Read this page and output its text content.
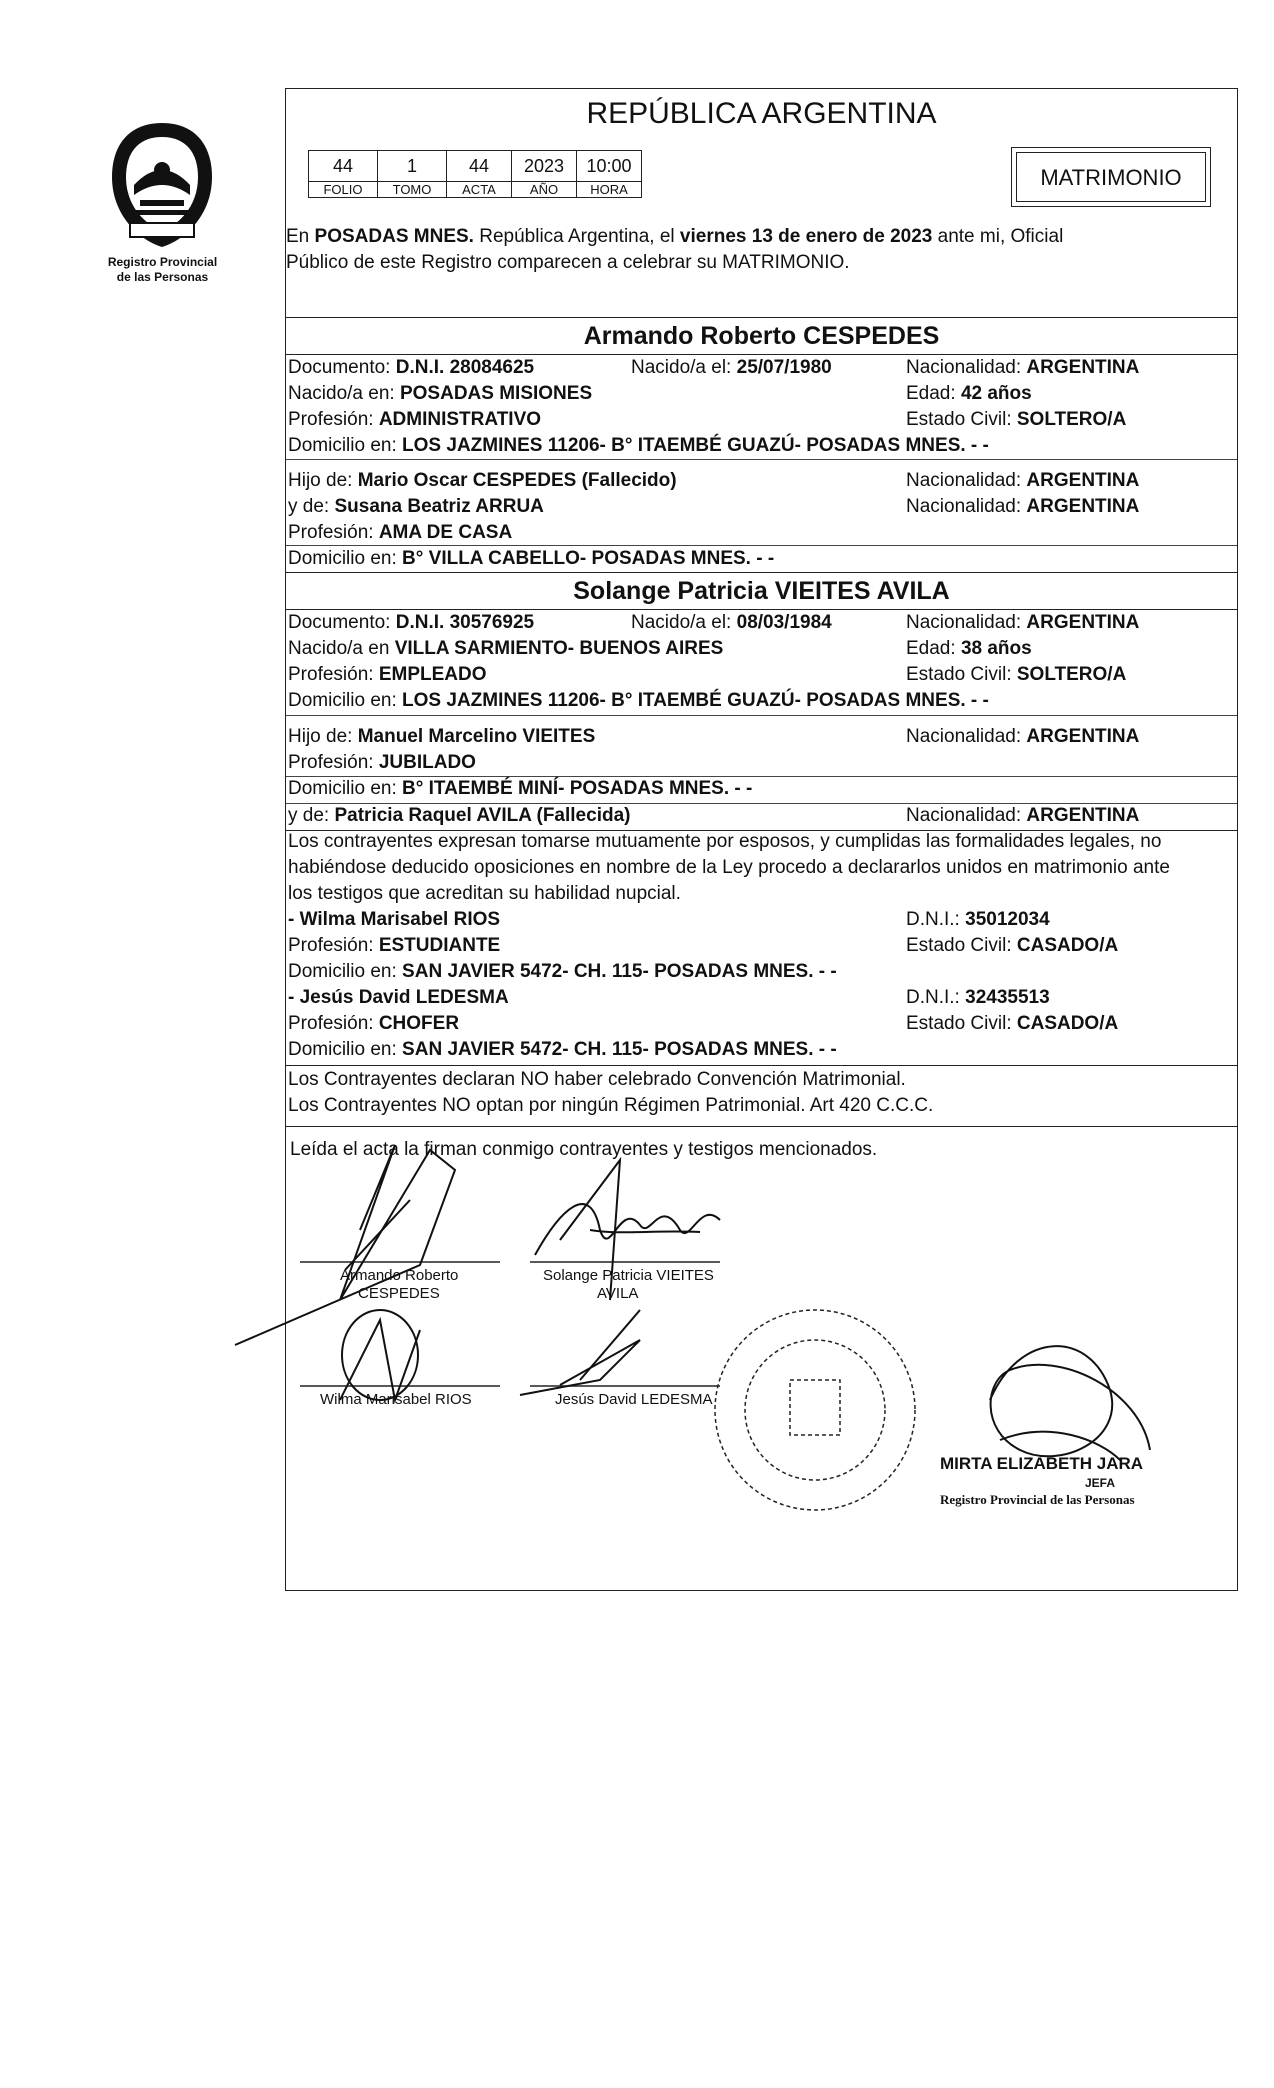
Registro Provincial
de las Personas
REPÚBLICA ARGENTINA
44	1	44	2023	10:00
FOLIO	TOMO	ACTA	AÑO	HORA	MATRIMONIO
En POSADAS MNES. República Argentina, el viernes 13 de enero de 2023 ante mi, Oficial
Público de este Registro comparecen a celebrar su MATRIMONIO.
Armando Roberto CESPEDES
Documento: D.N.I. 28084625	Nacido/a el: 25/07/1980	Nacionalidad: ARGENTINA
Nacido/a en: POSADAS MISIONES	Edad: 42 años
Profesión: ADMINISTRATIVO	Estado Civil: SOLTERO/A
Domicilio en: LOS JAZMINES 11206- B° ITAEMBÉ GUAZÚ- POSADAS MNES. - -
Hijo de: Mario Oscar CESPEDES (Fallecido)	Nacionalidad: ARGENTINA
y de: Susana Beatriz ARRUA	Nacionalidad: ARGENTINA
Profesión: AMA DE CASA
Domicilio en: B° VILLA CABELLO- POSADAS MNES. - -
Solange Patricia VIEITES AVILA
Documento: D.N.I. 30576925	Nacido/a el: 08/03/1984	Nacionalidad: ARGENTINA
Nacido/a en VILLA SARMIENTO- BUENOS AIRES	Edad: 38 años
Profesión: EMPLEADO	Estado Civil: SOLTERO/A
Domicilio en: LOS JAZMINES 11206- B° ITAEMBÉ GUAZÚ- POSADAS MNES. - -
Hijo de: Manuel Marcelino VIEITES	Nacionalidad: ARGENTINA
Profesión: JUBILADO
Domicilio en: B° ITAEMBÉ MINÍ- POSADAS MNES. - -
y de: Patricia Raquel AVILA (Fallecida)	Nacionalidad: ARGENTINA
Los contrayentes expresan tomarse mutuamente por esposos, y cumplidas las formalidades legales, no
habiéndose deducido oposiciones en nombre de la Ley procedo a declararlos unidos en matrimonio ante
los testigos que acreditan su habilidad nupcial.
- Wilma Marisabel RIOS	D.N.I.: 35012034
Profesión: ESTUDIANTE	Estado Civil: CASADO/A
Domicilio en: SAN JAVIER 5472- CH. 115- POSADAS MNES. - -
- Jesús David LEDESMA	D.N.I.: 32435513
Profesión: CHOFER	Estado Civil: CASADO/A
Domicilio en: SAN JAVIER 5472- CH. 115- POSADAS MNES. - -
Los Contrayentes declaran NO haber celebrado Convención Matrimonial.
Los Contrayentes NO optan por ningún Régimen Patrimonial. Art 420 C.C.C.
Leída el acta la firman conmigo contrayentes y testigos mencionados.
Armando Roberto
CESPEDES
Solange Patricia VIEITES
AVILA
Wilma Marisabel RIOS	Jesús David LEDESMA
MIRTA ELIZABETH JARA
JEFA
Registro Provincial de las Personas
